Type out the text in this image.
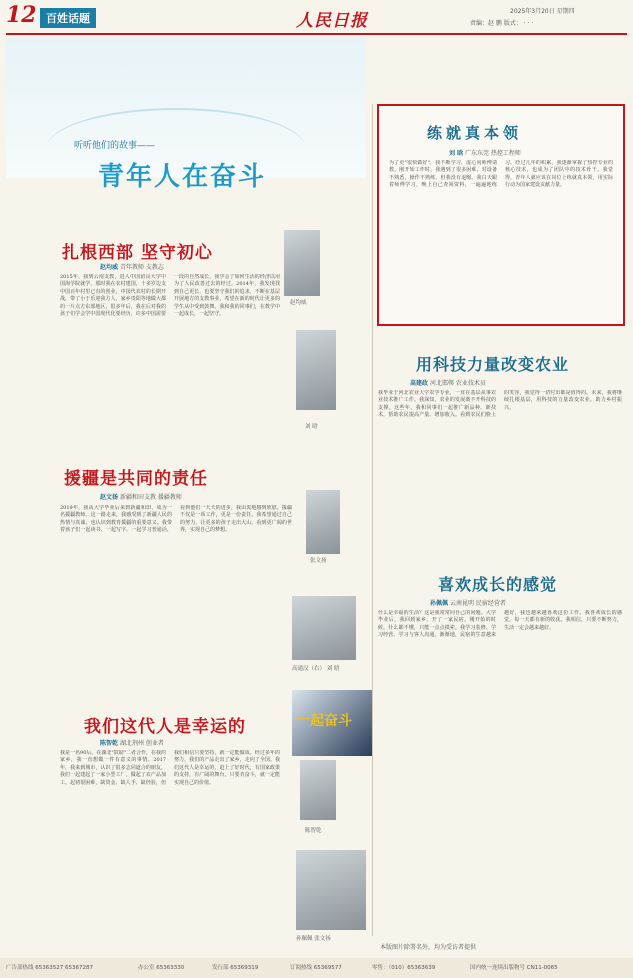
12 百姓话题	人民日报	2025年3月20日 星期四
责编：赵 鹏 版式： · · ·
听听他们的故事——
青年人在奋斗
扎根西部 坚守初心
赵均威 青年教师 支教志
2015年，我到云南支教，进入中国留良大学中国海学院就学，那时我在农村建国，十多岁边支中国百年村里已有的创业，中国代农村的长期开战，带了小于乐迎我方人，家乡贵阳等地做大都的一片点方东部地区，很多年后，我在后对我的孩子们学会学中国现代化要经历，许多中国需要一段的自然成长，我学会了如何生活的经济以用为了人民改善过去的经过。2014年，我发现找到自己更长，也要坚守我们的追求，不断在基层开展地方的支教事业，希望在新的时代让更多的学生从中受到鼓舞。我和我的同事们，在教学中一起成长，一起坚守。
赵均威
刘 晗
援疆是共同的责任
赵文扬 新疆和田支教 援疆教师
2019年，我从大学毕业后来到新疆和田，成为一名援疆教师。这一路走来，我感受到了新疆人民的热情与真诚，也认识到教育援疆的重要意义。我带着孩子们一起读书、一起写字、一起学习普通话，看到他们一天天的进步，我由衷地感到欣慰。援疆不仅是一项工作，更是一份责任。我希望通过自己的努力，让更多的孩子走出大山，看到更广阔的世界，实现自己的梦想。
张文扬
高通汉（右） 刘 晗
我们这代人是幸运的
陈智乾 湖北荆州 创业者
我是一名90后，在湖北"鼓励"二者合作，在我的家乡，我一直想做一件有意义的事情。2017年，我来到城市，认识了很多志同道合的朋友，我们一起建起了一家小型工厂，做起了农产品加工。起初很困难，缺资金、缺人手、缺经验，但我们相信只要坚持，就一定能做成。经过多年的努力，我们的产品走出了家乡，走向了全国。我们这代人是幸运的，赶上了好时代，有国家政策的支持，有广阔的舞台，只要肯奋斗，就一定能实现自己的价值。
一起奋斗
陈智乾
孙佩佩 张文扬
练就真本领
刘 晗 广东东莞 热控工程师
为了更"很快做好"，我不断学习，虚心向师傅请教。刚开始工作时，我遇到了很多困难，对设备不熟悉，操作不熟练，但我没有退缩。我白天跟着师傅学习，晚上自己查阅资料，一遍遍地练习。经过几年的积累，我逐渐掌握了热控专业的核心技术，也成为了团队中的技术骨干。我觉得，青年人就应该在岗位上练就真本领，用实际行动为国家建设贡献力量。
用科技力量改变农业
高建政 河北邯郸 农业技术员
我毕业于河北农业大学农学专业，一直在基层从事农业技术推广工作。我深知，农业的发展离不开科技的支撑。这些年，我和同事们一起推广新品种、新技术，帮助农民提高产量、增加收入。看到农民们脸上的笑容，我觉得一切付出都是值得的。未来，我将继续扎根基层，用科技的力量改变农业，助力乡村振兴。
喜欢成长的感觉
孙佩佩 云南昆明 民宿经营者
什么是幸福的生活？这是我常常问自己的问题。大学毕业后，我回到家乡，开了一家民宿。刚开始的时候，什么都不懂，只能一点点摸索。我学习装修、学习经营、学习与客人沟通。渐渐地，民宿的生意越来越好，我也越来越喜欢这份工作。我喜欢成长的感觉，每一天都有新的收获。我相信，只要不断努力，生活一定会越来越好。
本版图片除署名外，均为受访者提供
广告部热线 65363527 65367287	办公室 65363330	发行部 65369319	订阅热线 65369577	零售：（010）65363639	国内统一连续出版物号 CN11-0065
